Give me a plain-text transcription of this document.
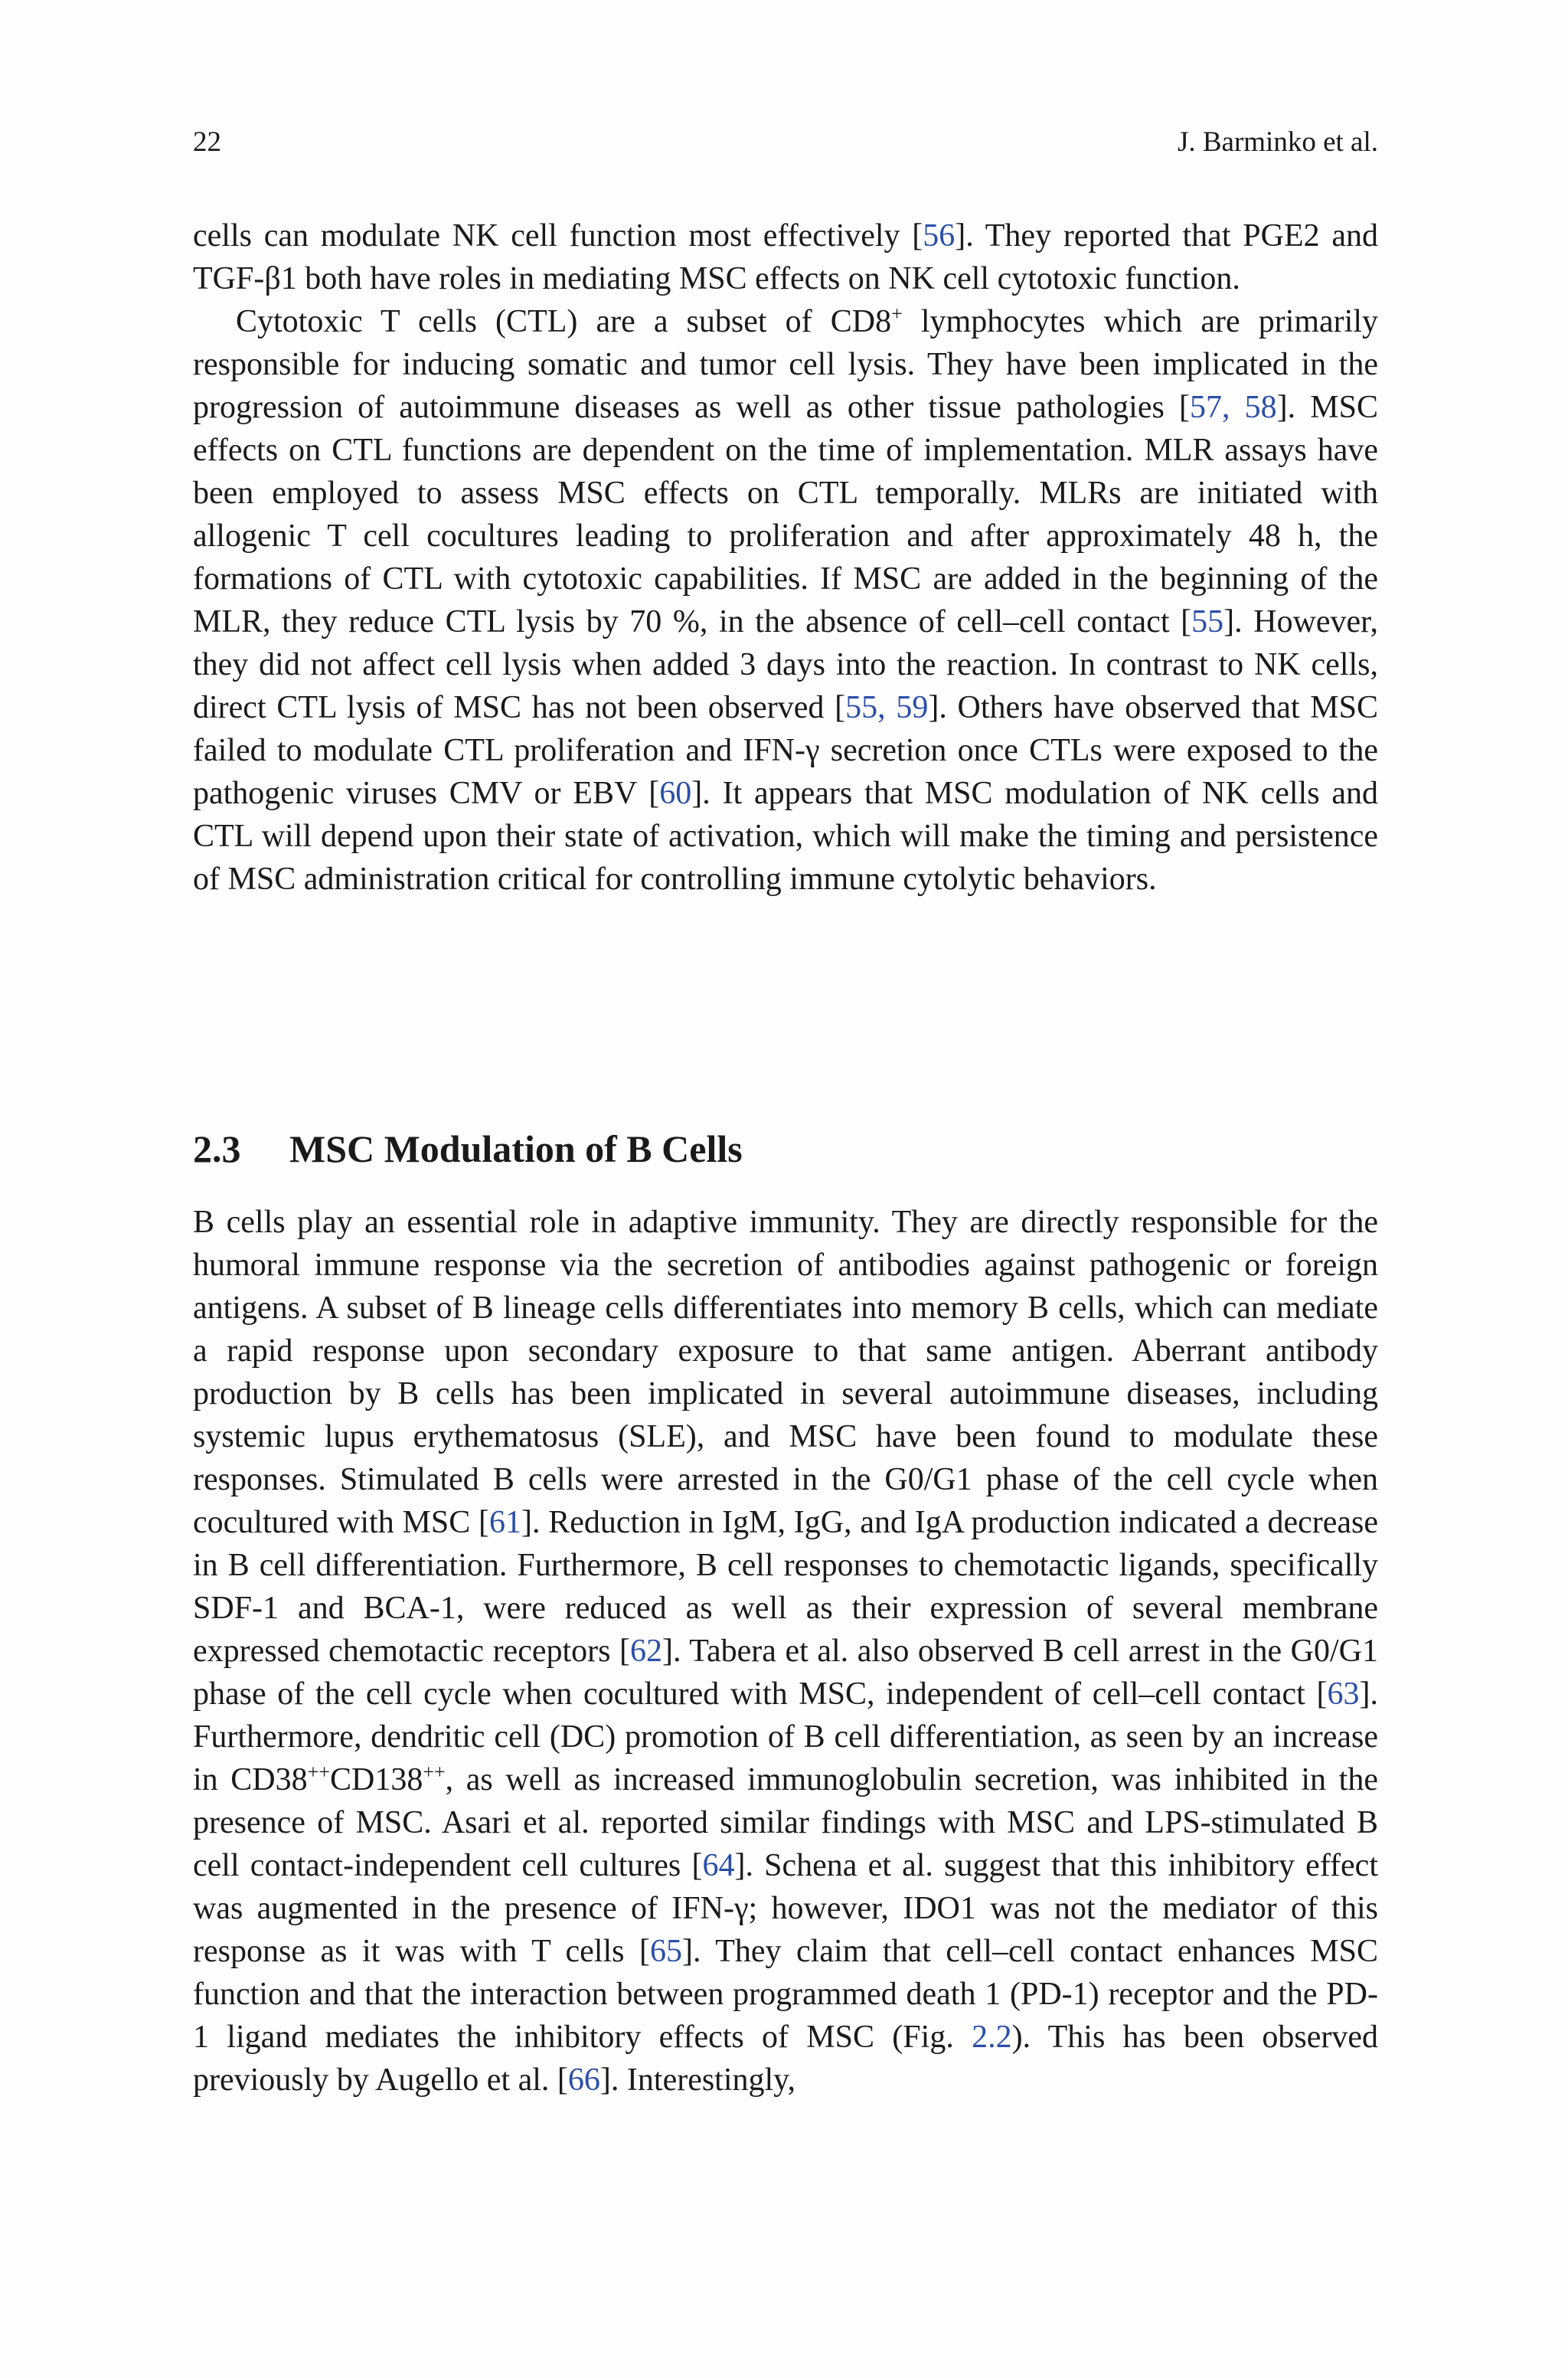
22	J. Barminko et al.

cells can modulate NK cell function most effectively [56]. They reported that PGE2 and TGF-β1 both have roles in mediating MSC effects on NK cell cytotoxic function.

Cytotoxic T cells (CTL) are a subset of CD8+ lymphocytes which are primarily responsible for inducing somatic and tumor cell lysis. They have been implicated in the progression of autoimmune diseases as well as other tissue pathologies [57, 58]. MSC effects on CTL functions are dependent on the time of implementation. MLR assays have been employed to assess MSC effects on CTL temporally. MLRs are initiated with allogenic T cell cocultures leading to proliferation and after approximately 48 h, the formations of CTL with cytotoxic capabilities. If MSC are added in the beginning of the MLR, they reduce CTL lysis by 70 %, in the absence of cell–cell contact [55]. However, they did not affect cell lysis when added 3 days into the reaction. In contrast to NK cells, direct CTL lysis of MSC has not been observed [55, 59]. Others have observed that MSC failed to modulate CTL proliferation and IFN-γ secretion once CTLs were exposed to the pathogenic viruses CMV or EBV [60]. It appears that MSC modulation of NK cells and CTL will depend upon their state of activation, which will make the timing and persistence of MSC administration critical for controlling immune cytolytic behaviors.

2.3 MSC Modulation of B Cells

B cells play an essential role in adaptive immunity. They are directly responsible for the humoral immune response via the secretion of antibodies against pathogenic or foreign antigens. A subset of B lineage cells differentiates into memory B cells, which can mediate a rapid response upon secondary exposure to that same antigen. Aberrant antibody production by B cells has been implicated in several autoimmune diseases, including systemic lupus erythematosus (SLE), and MSC have been found to modulate these responses. Stimulated B cells were arrested in the G0/G1 phase of the cell cycle when cocultured with MSC [61]. Reduction in IgM, IgG, and IgA production indicated a decrease in B cell differentiation. Furthermore, B cell responses to chemotactic ligands, specifically SDF-1 and BCA-1, were reduced as well as their expression of several membrane expressed chemotactic receptors [62]. Tabera et al. also observed B cell arrest in the G0/G1 phase of the cell cycle when cocultured with MSC, independent of cell–cell contact [63]. Furthermore, dendritic cell (DC) promotion of B cell differentiation, as seen by an increase in CD38++CD138++, as well as increased immunoglobulin secretion, was inhibited in the presence of MSC. Asari et al. reported similar findings with MSC and LPS-stimulated B cell contact-independent cell cultures [64]. Schena et al. suggest that this inhibitory effect was augmented in the presence of IFN-γ; however, IDO1 was not the mediator of this response as it was with T cells [65]. They claim that cell–cell contact enhances MSC function and that the interaction between programmed death 1 (PD-1) receptor and the PD-1 ligand mediates the inhibitory effects of MSC (Fig. 2.2). This has been observed previously by Augello et al. [66]. Interestingly,
